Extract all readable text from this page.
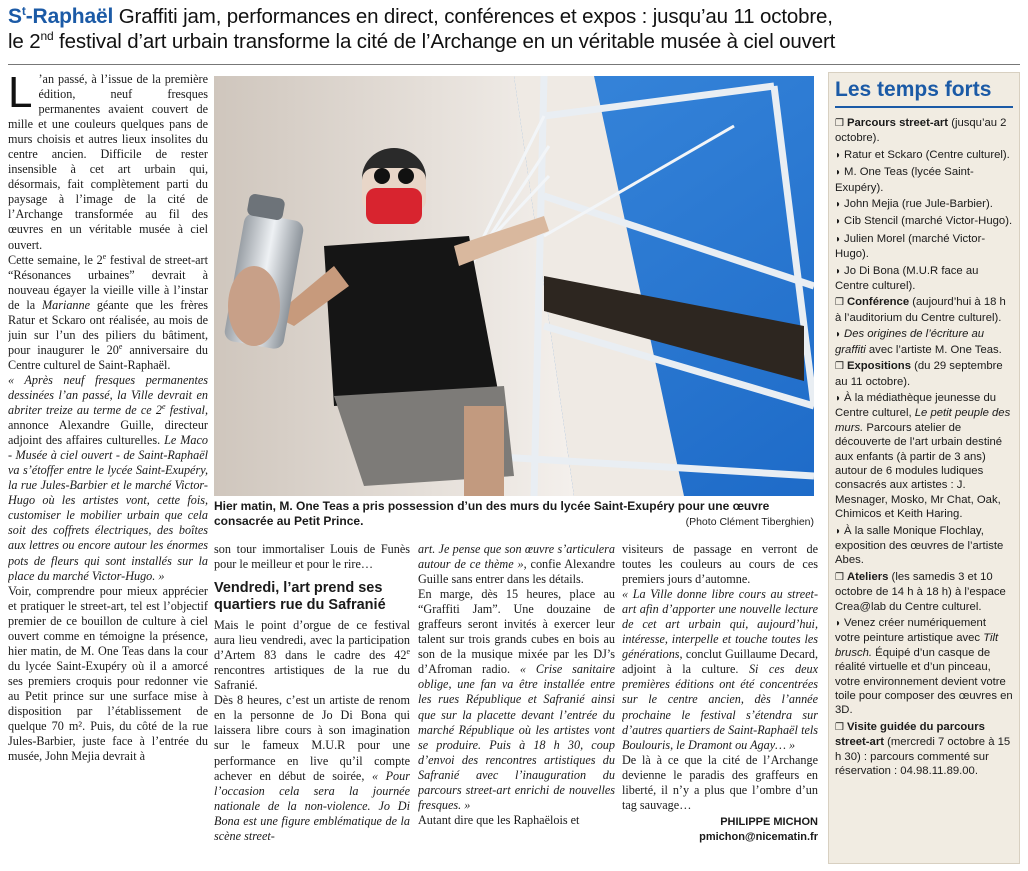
$S^t$-Raphaël Graffiti jam, performances en direct, conférences et expos : jusqu’au 11 octobre,
le 2nd festival d’art urbain transforme la cité de l’Archange en un véritable musée à ciel ouvert

L ’an passé, à l’issue de la première édition, neuf fresques permanentes avaient couvert de mille et une couleurs quelques pans de murs choisis et autres lieux insolites du centre ancien. Difficile de rester insensible à cet art urbain qui, désormais, fait complètement parti du paysage à l’image de la cité de l’Archange transformée au fil des œuvres en un véritable musée à ciel ouvert.

Cette semaine, le 2e festival de street-art “Résonances urbaines” devrait à nouveau égayer la vieille ville à l’instar de la Marianne géante que les frères Ratur et Sckaro ont réalisée, au mois de juin sur l’un des piliers du bâtiment, pour inaugurer le 20e anniversaire du Centre culturel de Saint-Raphaël.

« Après neuf fresques permanentes dessinées l’an passé, la Ville devrait en abriter treize au terme de ce 2e festival, annonce Alexandre Guille, directeur adjoint des affaires culturelles. Le Maco - Musée à ciel ouvert - de Saint-Raphaël va s’étoffer entre le lycée Saint-Exupéry, la rue Jules-Barbier et le marché Victor-Hugo où les artistes vont, cette fois, customiser le mobilier urbain que cela soit des coffrets électriques, des boîtes aux lettres ou encore autour les énormes pots de fleurs qui sont installés sur la place du marché Victor-Hugo. »

Voir, comprendre pour mieux apprécier et pratiquer le street-art, tel est l’objectif premier de ce bouillon de culture à ciel ouvert comme en témoigne la présence, hier matin, de M. One Teas dans la cour du lycée Saint-Exupéry où il a amorcé ses premiers croquis pour redonner vie au Petit prince sur une surface mise à disposition par l’établissement de quelque 70 m². Puis, du côté de la rue Jules-Barbier, juste face à l’entrée du musée, John Mejia devrait à

Hier matin, M. One Teas a pris possession d’un des murs du lycée Saint-Exupéry pour une œuvre consacrée au Petit Prince.	(Photo Clément Tiberghien)

son tour immortaliser Louis de Funès pour le meilleur et pour le rire…

Vendredi, l’art prend ses quartiers rue du Safranié

Mais le point d’orgue de ce festival aura lieu vendredi, avec la participation d’Artem 83 dans le cadre des 42e rencontres artistiques de la rue du Safranié.

Dès 8 heures, c’est un artiste de renom en la personne de Jo Di Bona qui laissera libre cours à son imagination sur le fameux M.U.R pour une performance en live qu’il compte achever en début de soirée, « Pour l’occasion cela sera la journée nationale de la non-violence. Jo Di Bona est une figure emblématique de la scène street-

art. Je pense que son œuvre s’articulera autour de ce thème », confie Alexandre Guille sans entrer dans les détails.

En marge, dès 15 heures, place au “Graffiti Jam”. Une douzaine de graffeurs seront invités à exercer leur talent sur trois grands cubes en bois au son de la musique mixée par les DJ’s d’Afroman radio. « Crise sanitaire oblige, une fan va être installée entre les rues République et Safranié ainsi que sur la placette devant l’entrée du marché République où les artistes vont se produire. Puis à 18 h 30, coup d’envoi des rencontres artistiques du Safranié avec l’inauguration du parcours street-art enrichi de nouvelles fresques. »

Autant dire que les Raphaëlois et

visiteurs de passage en verront de toutes les couleurs au cours de ces premiers jours d’automne.

« La Ville donne libre cours au street-art afin d’apporter une nouvelle lecture de cet art urbain qui, aujourd’hui, intéresse, interpelle et touche toutes les générations, conclut Guillaume Decard, adjoint à la culture. Si ces deux premières éditions ont été concentrées sur le centre ancien, dès l’année prochaine le festival s’étendra sur d’autres quartiers de Saint-Raphaël tels Boulouris, le Dramont ou Agay… »

De là à ce que la cité de l’Archange devienne le paradis des graffeurs en liberté, il n’y a plus que l’ombre d’un tag sauvage…

PHILIPPE MICHON
pmichon@nicematin.fr
Les temps forts
❒ Parcours street-art (jusqu’au 2 octobre).
◗ Ratur et Sckaro (Centre culturel).
◗ M. One Teas (lycée Saint-Exupéry).
◗ John Mejia (rue Jule-Barbier).
◗ Cib Stencil (marché Victor-Hugo).
◗ Julien Morel (marché Victor-Hugo).
◗ Jo Di Bona (M.U.R face au Centre culturel).
❒ Conférence (aujourd’hui à 18 h à l’auditorium du Centre culturel).
◗ Des origines de l’écriture au graffiti avec l’artiste M. One Teas.
❒ Expositions (du 29 septembre au 11 octobre).
◗ À la médiathèque jeunesse du Centre culturel, Le petit peuple des murs. Parcours atelier de découverte de l’art urbain destiné aux enfants (à partir de 3 ans) autour de 6 modules ludiques consacrés aux artistes : J. Mesnager, Mosko, Mr Chat, Oak, Chimicos et Keith Haring.
◗ À la salle Monique Flochlay, exposition des œuvres de l’artiste Abes.
❒ Ateliers (les samedis 3 et 10 octobre de 14 h à 18 h) à l’espace Crea@lab du Centre culturel.
◗ Venez créer numériquement votre peinture artistique avec Tilt brusch. Équipé d’un casque de réalité virtuelle et d’un pinceau, votre environnement devient votre toile pour composer des œuvres en 3D.
❒ Visite guidée du parcours street-art (mercredi 7 octobre à 15 h 30) : parcours commenté sur réservation : 04.98.11.89.00.
